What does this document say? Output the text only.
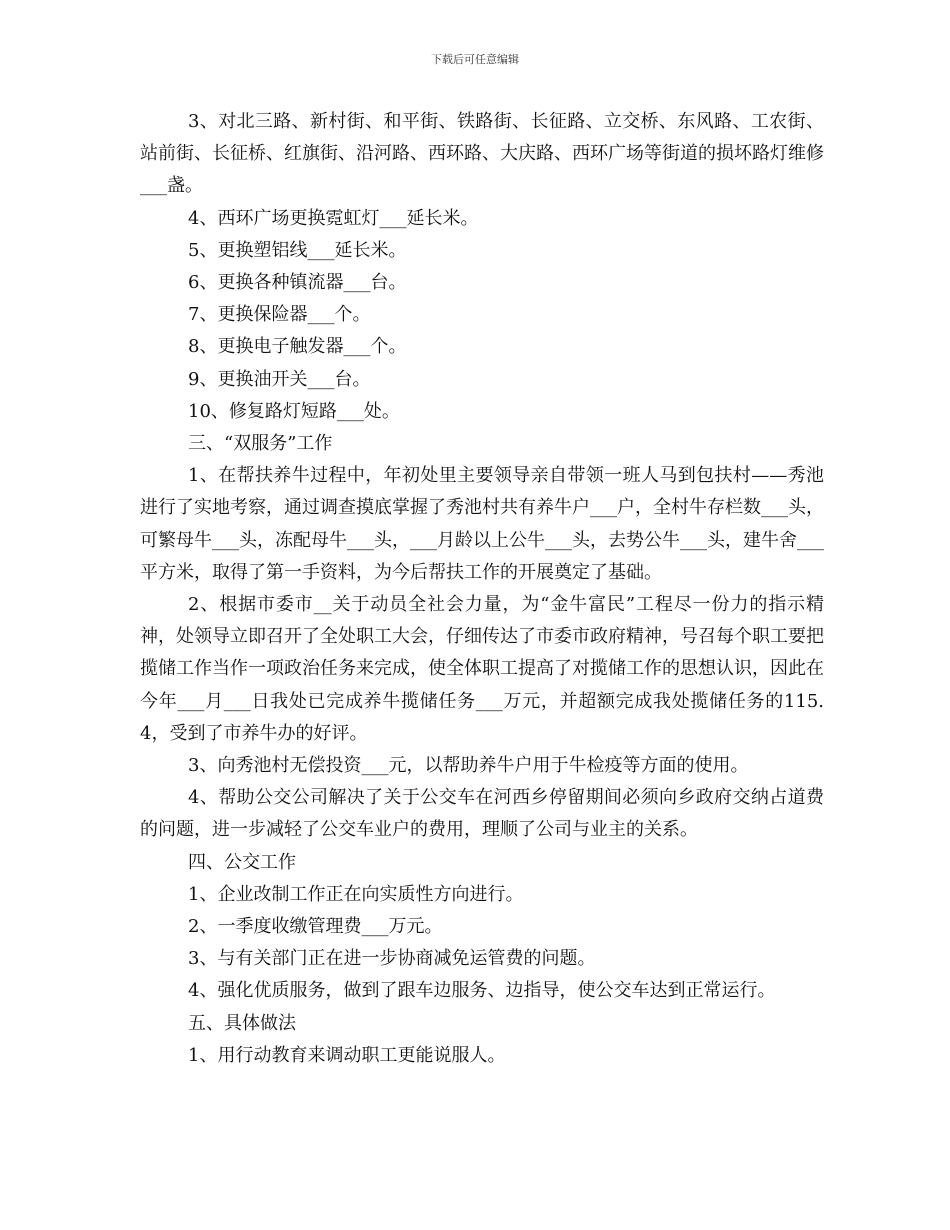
下载后可任意编辑

3、对北三路、新村街、和平街、铁路街、长征路、立交桥、东风路、工农街、站前街、长征桥、红旗街、沿河路、西环路、大庆路、西环广场等街道的损坏路灯维修___盏。

4、西环广场更换霓虹灯___延长米。

5、更换塑铝线___延长米。

6、更换各种镇流器___台。

7、更换保险器___个。

8、更换电子触发器___个。

9、更换油开关___台。

10、修复路灯短路___处。

三、“双服务”工作

1、在帮扶养牛过程中，年初处里主要领导亲自带领一班人马到包扶村——秀池进行了实地考察，通过调查摸底掌握了秀池村共有养牛户___户，全村牛存栏数___头，可繁母牛___头，冻配母牛___头，___月龄以上公牛___头，去势公牛___头，建牛舍___平方米，取得了第一手资料，为今后帮扶工作的开展奠定了基础。

2、根据市委市__关于动员全社会力量，为“金牛富民”工程尽一份力的指示精神，处领导立即召开了全处职工大会，仔细传达了市委市政府精神，号召每个职工要把揽储工作当作一项政治任务来完成，使全体职工提高了对揽储工作的思想认识，因此在今年___月___日我处已完成养牛揽储任务___万元，并超额完成我处揽储任务的115.4，受到了市养牛办的好评。

3、向秀池村无偿投资___元，以帮助养牛户用于牛检疫等方面的使用。

4、帮助公交公司解决了关于公交车在河西乡停留期间必须向乡政府交纳占道费的问题，进一步减轻了公交车业户的费用，理顺了公司与业主的关系。

四、公交工作

1、企业改制工作正在向实质性方向进行。

2、一季度收缴管理费___万元。

3、与有关部门正在进一步协商减免运管费的问题。

4、强化优质服务，做到了跟车边服务、边指导，使公交车达到正常运行。

五、具体做法

1、用行动教育来调动职工更能说服人。
